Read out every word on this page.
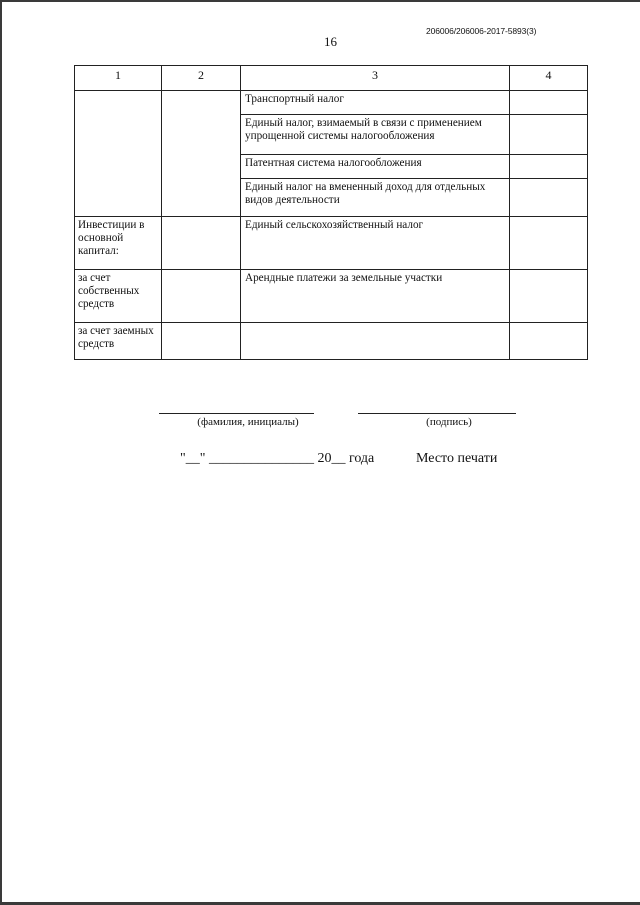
16
206006/206006-2017-5893(3)
1	2	3	4
		Транспортный налог	
		Единый налог, взимаемый в связи с применением упрощенной системы налогообложения	
		Патентная система налогообложения	
		Единый налог на вмененный доход для отдельных видов деятельности	
Инвестиции в основной капитал:		Единый сельскохозяйственный налог	
за счет собственных средств		Арендные платежи за земельные участки	
за счет заемных средств			
(фамилия, инициалы)	(подпись)
"__" _______________ 20__ года	Место печати
